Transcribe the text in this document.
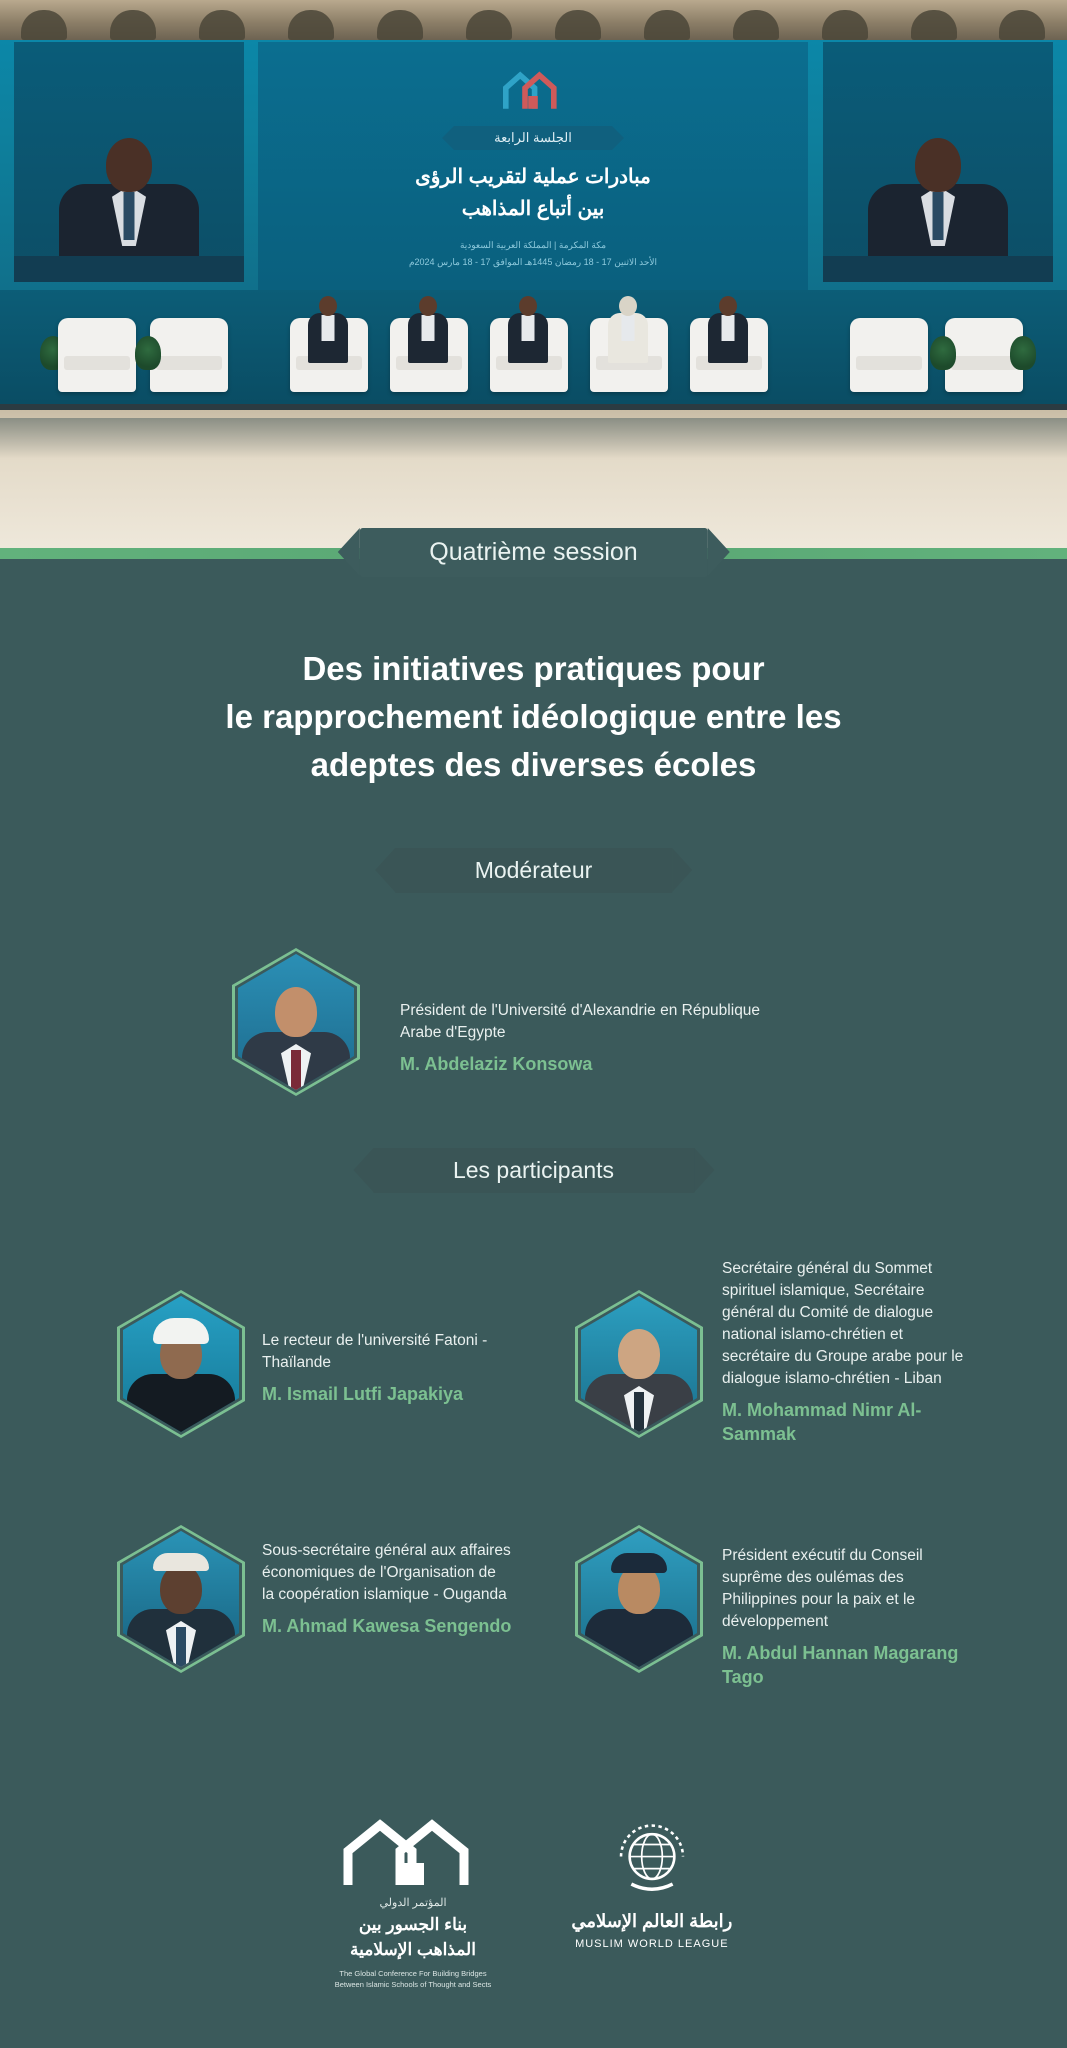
الجلسة الرابعة
مبادرات عملية لتقريب الرؤى
بين أتباع المذاهب
مكة المكرمة | المملكة العربية السعودية
الأحد الاثنين 17 - 18 رمضان 1445هـ الموافق 17 - 18 مارس 2024م
Quatrième session
Des initiatives pratiques pour
le rapprochement idéologique entre les
adeptes des diverses écoles
Modérateur
Président de l'Université d'Alexandrie en République Arabe d'Egypte
M. Abdelaziz Konsowa
Les participants
Le recteur de l'université Fatoni -Thaïlande
M. Ismail Lutfi Japakiya
Secrétaire général du Sommet spirituel islamique, Secrétaire général du Comité de dialogue national islamo-chrétien et secrétaire du Groupe arabe pour le dialogue islamo-chrétien - Liban
M. Mohammad Nimr Al-Sammak
Sous-secrétaire général aux affaires économiques de l'Organisation de la coopération islamique - Ouganda
M. Ahmad Kawesa Sengendo
Président exécutif du Conseil suprême des oulémas des Philippines pour la paix et le développement
M. Abdul Hannan Magarang Tago
المؤتمر الدولي
بناء الجسور بين
المذاهب الإسلامية
The Global Conference For Building Bridges
Between Islamic Schools of Thought and Sects
رابطة العالم الإسلامي
MUSLIM WORLD LEAGUE
